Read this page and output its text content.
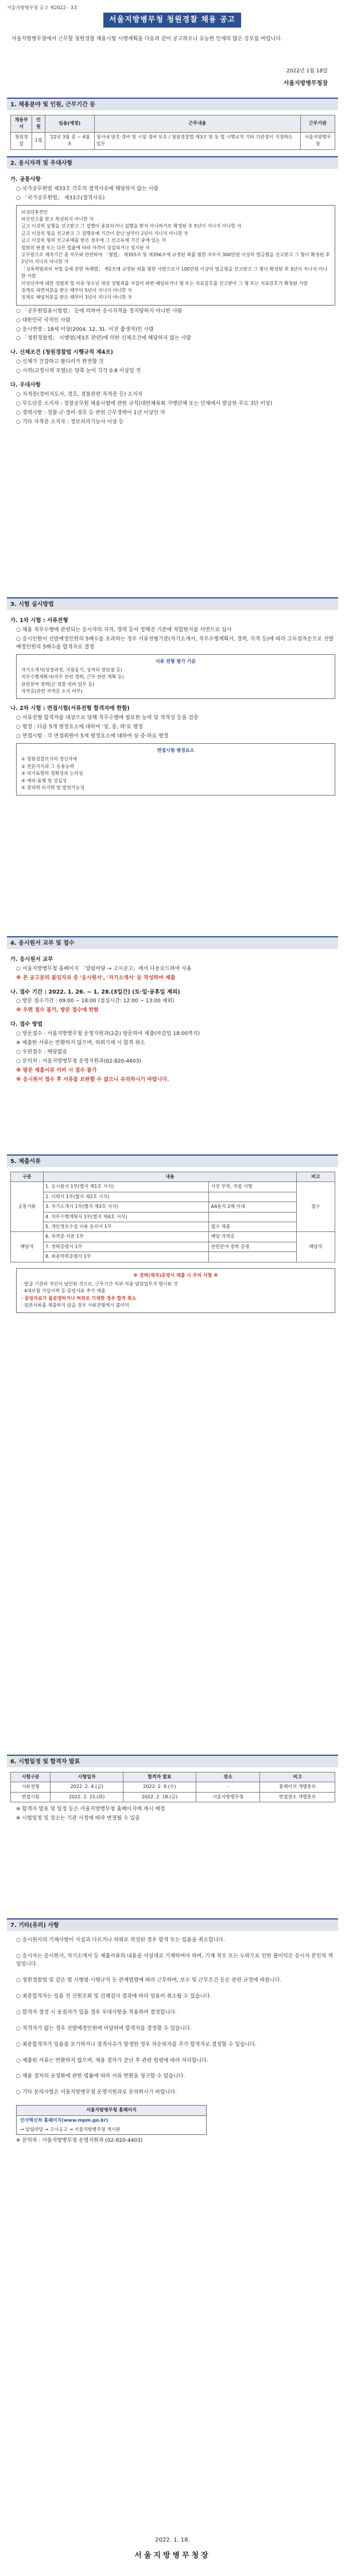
서울지방병무청 공고 제2022 - 3호
서울지방병무청 청원경찰 채용 공고
서울지방병무청에서 근무할 청원경찰 채용시험 시행계획을 다음과 같이 공고하오니 유능한 인재의 많은 응모를 바랍니다.
2022년 1월 18일
서울지방병무청장
1. 채용분야 및 인원, 근무기간 등
채용부서	인원	임용(예정)	근무내용	근무기관
청원경찰	1명	'22년 3월 중 ~ 4월 초	청사내 방호·경비 및 시설 경비 보호 / 청원경찰법 제3조 및 동 법 시행규칙 기타 기관장이 지정하는 업무	서울지방병무청
2. 응시자격 및 우대사항
가. 공통사항
○ 국가공무원법 제33조 각호의 결격사유에 해당하지 않는 사람
○ 「국가공무원법」 제33조(결격사유)
피성년후견인
파산선고를 받고 복권되지 아니한 자
금고 이상의 실형을 선고받고 그 집행이 종료되거나 집행을 받지 아니하기로 확정된 후 5년이 지나지 아니한 자
금고 이상의 형을 선고받고 그 집행유예 기간이 끝난 날부터 2년이 지나지 아니한 자
금고 이상의 형의 선고유예를 받은 경우에 그 선고유예 기간 중에 있는 자
법원의 판결 또는 다른 법률에 따라 자격이 상실되거나 정지된 자
공무원으로 재직기간 중 직무와 관련하여 「형법」 제355조 및 제356조에 규정된 죄를 범한 자로서 300만원 이상의 벌금형을 선고받고 그 형이 확정된 후 2년이 지나지 아니한 자
「성폭력범죄의 처벌 등에 관한 특례법」 제2조에 규정된 죄를 범한 사람으로서 100만원 이상의 벌금형을 선고받고 그 형이 확정된 후 3년이 지나지 아니한 사람
미성년자에 대한 성범죄 및 아동·청소년 대상 성범죄를 저질러 파면·해임되거나 형 또는 치료감호를 선고받아 그 형 또는 치료감호가 확정된 사람
징계로 파면처분을 받은 때부터 5년이 지나지 아니한 자
징계로 해임처분을 받은 때부터 3년이 지나지 아니한 자
○ 「공무원임용시험령」 등에 의하여 응시자격을 정지당하지 아니한 사람
○ 대한민국 국적인 사람
○ 응시연령 : 18세 이상(2004. 12. 31. 이전 출생자)인 사람
○ 「청원경찰법」 시행령(제3조 관련)에 의한 신체조건에 해당하지 않는 사람
나. 신체조건 (청원경찰법 시행규칙 제4조)
○ 신체가 건강하고 팔다리가 완전할 것
○ 시력(교정시력 포함)은 양쪽 눈이 각각 0.8 이상일 것
다. 우대사항
○ 자격증(경비지도사, 경호, 경찰관련 자격증 등) 소지자
○ 무도단증 소지자 : 경찰공무원 채용시험에 관한 규칙(대한체육회 가맹단체 또는 단체에서 발급한 무도 3단 이상)
○ 경력사항 : 경찰·군·경비·경호 등 관련 근무경력이 1년 이상인 자
○ 기타 자격증 소지자 : 정보처리기능사 이상 등
3. 시험 실시방법
가. 1차 시험 : 서류전형
○ 채용 직무수행에 관련되는 응시자의 자격, 경력 등이 정해진 기준에 적합한지를 서면으로 심사
○ 응시인원이 선발예정인원의 5배수를 초과하는 경우 서류전형기준(자기소개서, 직무수행계획서, 경력, 자격 등)에 따라 고득점자순으로 선발예정인원의 5배수를 합격자로 결정
서류 전형 평가 기준
자기소개서(성장과정, 지원동기, 성격의 장단점 등)
직무수행계획서(직무 관련 경력, 근무 관련 계획 등)
관련분야 경력(군·경찰·경비 업무 등)
자격증(관련 자격증 소지 여부)
나. 2차 시험 : 면접시험(서류전형 합격자에 한함)
○ 서류전형 합격자를 대상으로 당해 직무수행에 필요한 능력 및 적격성 등을 검증
○ 평정 : 다음 5개 평정요소에 대하여 '상, 중, 하'로 평정
○ 면접시험 : 각 면접위원이 5개 평정요소에 대하여 상·중·하로 평정
면접시험 평정요소
① 청원경찰로서의 정신자세
② 전문지식과 그 응용능력
③ 의사표현의 정확성과 논리성
④ 예의·품행 및 성실성
⑤ 창의력·의지력 및 발전가능성
4. 응시원서 교부 및 접수
가. 응시원서 교부
○ 서울지방병무청 홈페이지 「알림마당 → 고시공고」에서 다운로드하여 사용
※ 본 공고문의 붙임자료 중 '응시원서', '자기소개서' 등 작성하여 제출
나. 접수 기간 : 2022. 1. 26. ~ 1. 28.(3일간) (토·일·공휴일 제외)
○ 방문 접수기간 : 09:00 ~ 18:00 (점심시간: 12:00 ~ 13:00 제외)
※ 우편 접수 불가, 방문 접수에 한함
다. 접수 방법
○ 방문접수 : 서울지방병무청 운영지원과(2층) 방문하여 제출(마감일 18:00까지)
※ 제출한 서류는 반환하지 않으며, 허위기재 시 합격 취소
○ 우편접수 : 해당없음
○ 문의처 : 서울지방병무청 운영지원과(02-820-4403)
※ 방문 제출서류 미비 시 접수 불가
※ 응시원서 접수 후 서류를 보완할 수 없으니 유의하시기 바랍니다.
5. 제출서류
구분	내용		비고
공통서류	1. 응시원서 1부(별지 제1호 서식)	사진 부착, 자필 서명	필수
	2. 이력서 1부(별지 제2호 서식)		
	3. 자기소개서 1부(별지 제3호 서식)	A4용지 2매 이내	
	4. 직무수행계획서 1부(별지 제4호 서식)		
	5. 개인정보수집 이용 동의서 1부	필수 제출	
해당자	6. 자격증 사본 1부	해당 자격증	해당자
	7. 경력증명서 1부	관련분야 경력 증명	
	8. 최종학력증명서 1부		
※ 경력(재직)증명서 제출 시 주의 사항 ※
· 발급 기관의 직인이 날인된 것으로, 근무기간·직위·직종·담당업무가 명시된 것
· 4대보험 가입이력 등 증빙서류 추가 제출
· 증빙자료가 불분명하거나 허위로 기재한 경우 합격 취소
· 원본서류를 제출하지 않을 경우 서류전형에서 불이익
6. 시험일정 및 합격자 발표
시험구분	시험일자	합격자 발표	장소	비고
서류전형	2022. 2. 4.(금)	2022. 2. 9.(수)	-	홈페이지 개별통보
면접시험	2022. 2. 15.(화)	2022. 2. 18.(금)	서울지방병무청	면접장소 개별통보
※ 합격자 발표 및 일정 등은 서울지방병무청 홈페이지에 게시 예정
※ 시험일정 및 장소는 기관 사정에 따라 변경될 수 있음
7. 기타(유의) 사항
○ 응시원서의 기재사항이 사실과 다르거나 허위로 작성된 경우 합격 또는 임용을 취소합니다.
○ 응시자는 응시원서, 자기소개서 등 제출서류의 내용을 사실대로 기재하여야 하며, 기재 착오 또는 누락으로 인한 불이익은 응시자 본인의 책임입니다.
○ 청원경찰법 및 같은 법 시행령·시행규칙 등 관계법령에 따라 근무하며, 보수 및 근무조건 등은 관련 규정에 따릅니다.
○ 최종합격자는 임용 전 신원조회 및 신체검사 결과에 따라 임용이 취소될 수 있습니다.
○ 합격자 결정 시 동점자가 있을 경우 우대사항을 적용하여 결정합니다.
○ 적격자가 없는 경우 선발예정인원에 미달하여 합격자를 결정할 수 있습니다.
○ 최종합격자가 임용을 포기하거나 결격사유가 발생한 경우 차순위자를 추가 합격자로 결정할 수 있습니다.
○ 제출된 서류는 반환하지 않으며, 채용 절차가 끝난 후 관련 법령에 따라 처리합니다.
○ 채용 절차의 공정화에 관한 법률에 따라 서류 반환을 청구할 수 있습니다.
○ 기타 문의사항은 서울지방병무청 운영지원과로 문의하시기 바랍니다.
서울지방병무청 홈페이지
인사혁신처 홈페이지(www.mpm.go.kr)
→ 알림마당 → 고시공고 → 서울지방병무청 게시판
※ 문의처 : 서울지방병무청 운영지원과 (02-820-4403)
2022. 1. 18.
서울지방병무청장
